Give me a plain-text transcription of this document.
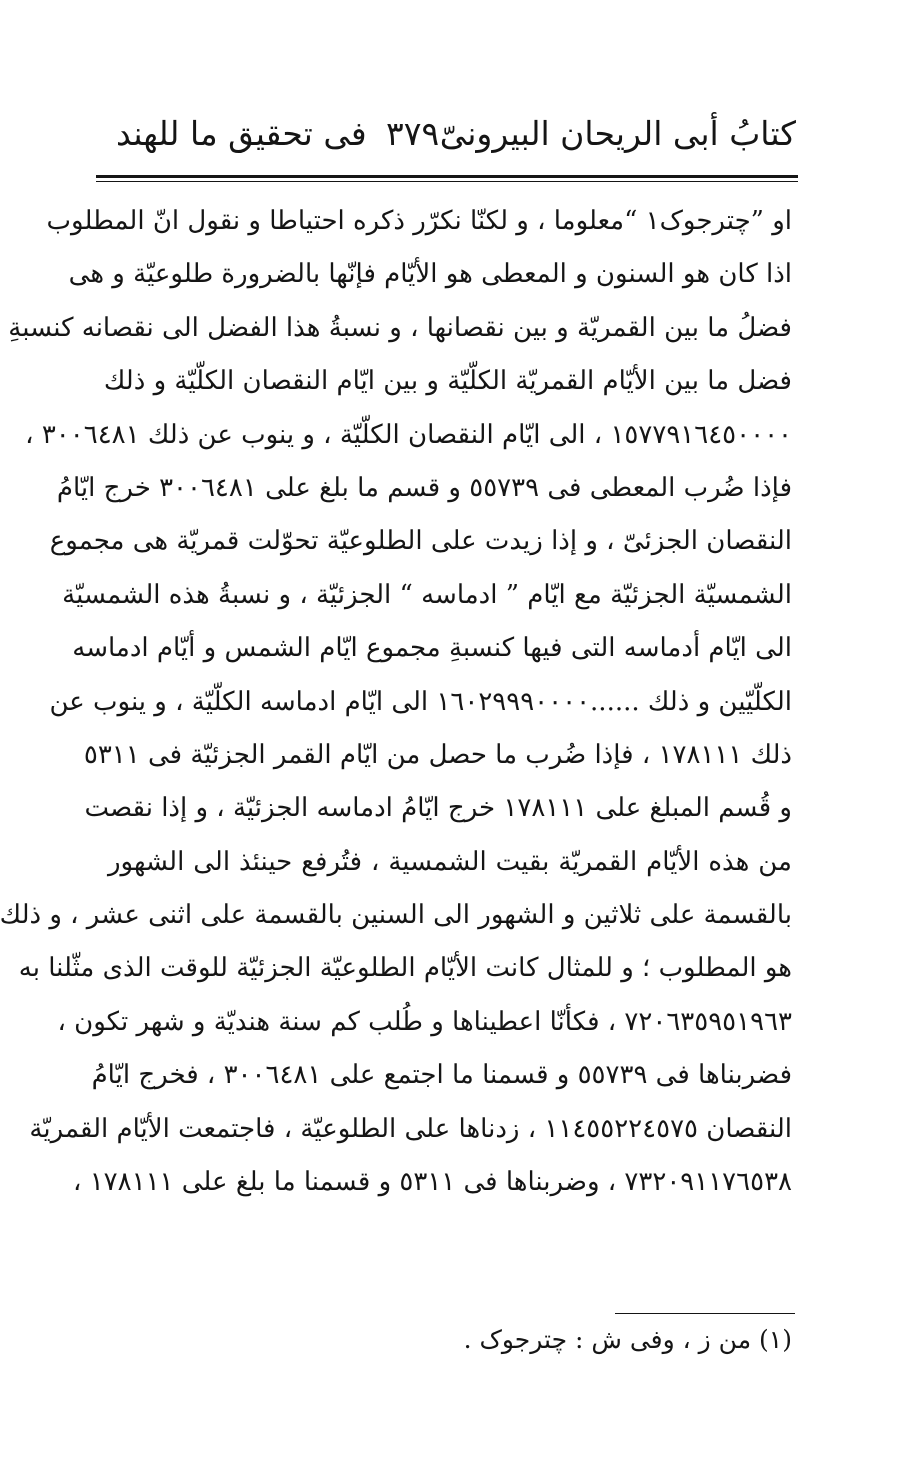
كتابُ أبى الريحان البيرونىّ
٣٧٩
فى تحقيق ما للهند
او ”چترجوک۱ “معلوما ، و لكنّا نكرّر ذكره احتياطا و نقول انّ المطلوب
اذا كان هو السنون و المعطى هو الأيّام فإنّها بالضرورة طلوعيّة و هى
فضلُ ما بين القمريّة و بين نقصانها ، و نسبةُ هذا الفضل الى نقصانه كنسبةِ
فضل ما بين الأيّام القمريّة الكلّيّة و بين ايّام النقصان الكلّيّة و ذلك
١٥٧٧٩١٦٤٥٠٠٠٠ ، الى ايّام النقصان الكلّيّة ، و ينوب عن ذلك ٣٠٠٦٤٨١ ،
فإذا ضُرب المعطى فى ٥٥٧٣٩ و قسم ما بلغ على ٣٠٠٦٤٨١ خرج ايّامُ
النقصان الجزئىّ ، و إذا زيدت على الطلوعيّة تحوّلت قمريّة هى مجموع
الشمسيّة الجزئيّة مع ايّام ” ادماسه “ الجزئيّة ، و نسبةُ هذه الشمسيّة
الى ايّام أدماسه التى فيها كنسبةِ مجموع ايّام الشمس و أيّام ادماسه
الكلّيّين و ذلك ......١٦٠٢٩٩٩٠٠٠٠ الى ايّام ادماسه الكلّيّة ، و ينوب عن
ذلك ١٧٨١١١ ، فإذا ضُرب ما حصل من ايّام القمر الجزئيّة فى ٥٣١١
و قُسم المبلغ على ١٧٨١١١ خرج ايّامُ ادماسه الجزئيّة ، و إذا نقصت
من هذه الأيّام القمريّة بقيت الشمسية ، فتُرفع حينئذ الى الشهور
بالقسمة على ثلاثين و الشهور الى السنين بالقسمة على اثنى عشر ، و ذلك
هو المطلوب ؛ و للمثال كانت الأيّام الطلوعيّة الجزئيّة للوقت الذى مثّلنا به
٧٢٠٦٣٥٩٥١٩٦٣ ، فكأنّا اعطيناها و طُلب كم سنة هنديّة و شهر تكون ،
فضربناها فى ٥٥٧٣٩ و قسمنا ما اجتمع على ٣٠٠٦٤٨١ ، فخرج ايّامُ
النقصان ١١٤٥٥٢٢٤٥٧٥ ، زدناها على الطلوعيّة ، فاجتمعت الأيّام القمريّة
٧٣٢٠٩١١٧٦٥٣٨ ، وضربناها فى ٥٣١١ و قسمنا ما بلغ على ١٧٨١١١ ،
(١) من ز ، وفى ش : چترجوک .
